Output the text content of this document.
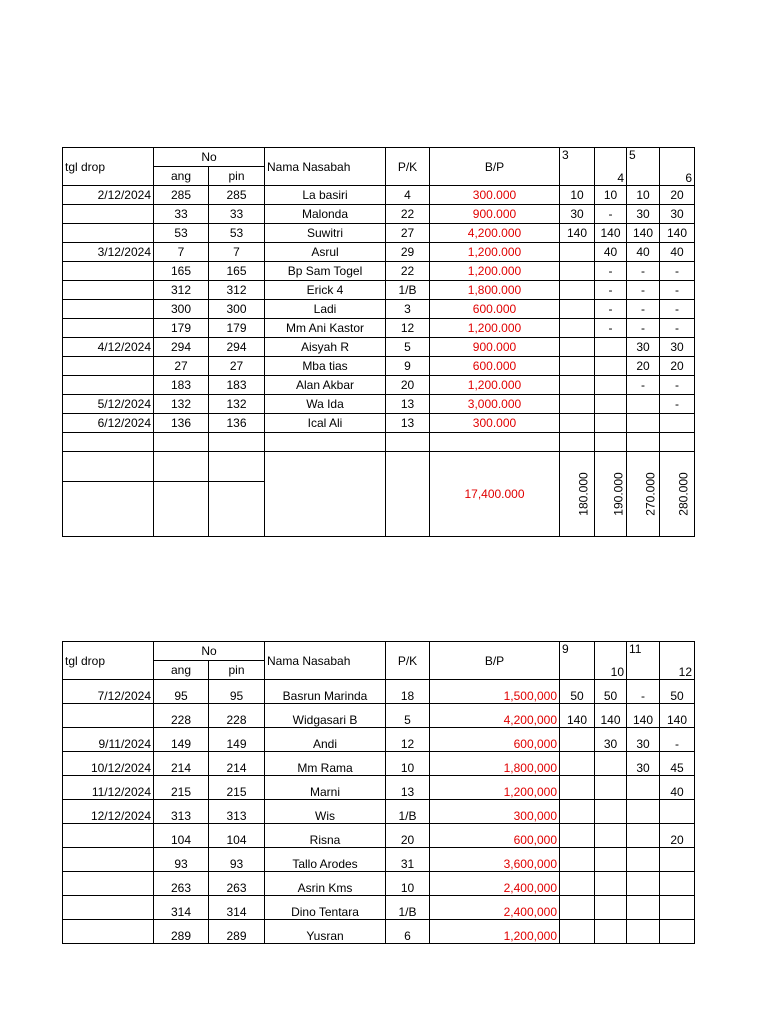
tgl drop	No		Nama Nasabah	P/K	B/P	3	4	5	6
	ang	pin							
2/12/2024	285	285	La basiri	4	300.000	10	10	10	20
	33	33	Malonda	22	900.000	30	-	30	30
	53	53	Suwitri	27	4,200.000	140	140	140	140
3/12/2024	7	7	Asrul	29	1,200.000		40	40	40
	165	165	Bp Sam Togel	22	1,200.000		-	-	-
	312	312	Erick 4	1/B	1,800.000		-	-	-
	300	300	Ladi	3	600.000		-	-	-
	179	179	Mm Ani Kastor	12	1,200.000		-	-	-
4/12/2024	294	294	Aisyah R	5	900.000			30	30
	27	27	Mba tias	9	600.000			20	20
	183	183	Alan Akbar	20	1,200.000			-	-
5/12/2024	132	132	Wa Ida	13	3,000.000				-
6/12/2024	136	136	Ical Ali	13	300.000				

					17,400.000	180.000	190.000	270.000	280.000

tgl drop	No		Nama Nasabah	P/K	B/P	9	10	11	12
	ang	pin							
7/12/2024	95	95	Basrun Marinda	18	1,500,000	50	50	-	50
	228	228	Widgasari B	5	4,200,000	140	140	140	140
9/11/2024	149	149	Andi	12	600,000		30	30	-
10/12/2024	214	214	Mm Rama	10	1,800,000			30	45
11/12/2024	215	215	Marni	13	1,200,000				40
12/12/2024	313	313	Wis	1/B	300,000				
	104	104	Risna	20	600,000				20
	93	93	Tallo Arodes	31	3,600,000				
	263	263	Asrin Kms	10	2,400,000				
	314	314	Dino Tentara	1/B	2,400,000				
	289	289	Yusran	6	1,200,000				
